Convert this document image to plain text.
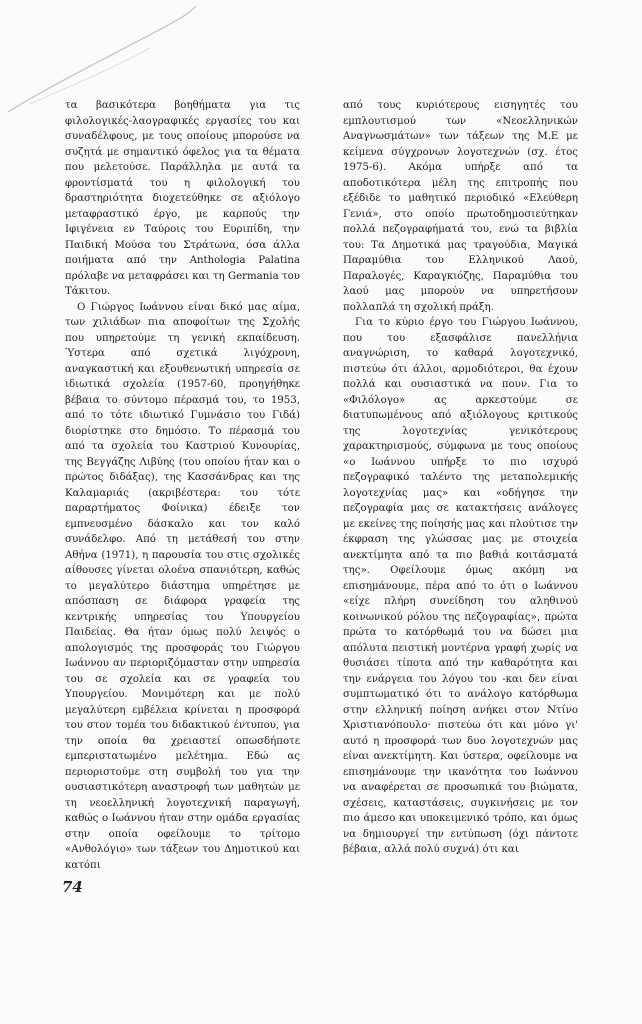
τα βασικότερα βοηθήματα για τις φιλολογικές-λαογραφικές εργασίες του και συναδέλφους, με τους οποίους μπορούσε να συζητά με σημαντικό όφελος για τα θέματα που μελετούσε. Παράλληλα με αυτά τα φροντίσματά του η φιλολογική του δραστηριότητα διοχετεύθηκε σε αξιόλογο μεταφραστικό έργο, με καρπούς την Ιφιγένεια εν Ταύροις του Ευριπίδη, την Παιδική Μούσα του Στράτωνα, όσα άλλα ποιήματα από την Anthologia Palatina πρόλαβε να μεταφράσει και τη Germania του Τάκιτου.

Ο Γιώργος Ιωάννου είναι δικό μας αίμα, των χιλιάδων πια αποφοίτων της Σχολής που υπηρετούμε τη γενική εκπαίδευση. Ύστερα από σχετικά λιγόχρονη, αναγκαστική και εξουθενωτική υπηρεσία σε ιδιωτικά σχολεία (1957-60, προηγήθηκε βέβαια το σύντομο πέρασμά του, το 1953, από το τότε ιδιωτικό Γυμνάσιο του Γιδά) διορίστηκε στο δημόσιο. Το πέρασμά του από τα σχολεία του Καστριού Κυνουρίας, της Βεγγάζης Λιβύης (του οποίου ήταν και ο πρώτος διδάξας), της Κασσάνδρας και της Καλαμαριάς (ακριβέστερα: του τότε παραρτήματος Φοίνικα) έδειξε τον εμπνευσμένο δάσκαλο και τον καλό συνάδελφο. Από τη μετάθεσή του στην Αθήνα (1971), η παρουσία του στις σχολικές αίθουσες γίνεται ολοένα σπανιότερη, καθώς το μεγαλύτερο διάστημα υπηρέτησε με απόσπαση σε διάφορα γραφεία της κεντρικής υπηρεσίας του Υπουργείου Παιδείας. Θα ήταν όμως πολύ λειψός ο απολογισμός της προσφοράς του Γιώργου Ιωάννου αν περιοριζόμασταν στην υπηρεσία του σε σχολεία και σε γραφεία του Υπουργείου. Μονιμότερη και με πολύ μεγαλύτερη εμβέλεια κρίνεται η προσφορά του στον τομέα του διδακτικού έντυπου, για την οποία θα χρειαστεί οπωσδήποτε εμπεριστατωμένο μελέτημα. Εδώ ας περιοριστούμε στη συμβολή του για την ουσιαστικότερη αναστροφή των μαθητών με τη νεοελληνική λογοτεχνική παραγωγή, καθώς ο Ιωάννου ήταν στην ομάδα εργασίας στην οποία οφείλουμε το τρίτομο «Ανθολόγιο» των τάξεων του Δημοτικού και κατόπι

από τους κυριότερους εισηγητές του εμπλουτισμού των «Νεοελληνικών Αναγνωσμάτων» των τάξεων της Μ.Ε με κείμενα σύγχρονων λογοτεχνών (σχ. έτος 1975-6). Ακόμα υπήρξε από τα αποδοτικότερα μέλη της επιτροπής που εξέδιδε το μαθητικό περιοδικό «Ελεύθερη Γενιά», στο οποίο πρωτοδημοσιεύτηκαν πολλά πεζογραφήματά του, ενώ τα βιβλία του: Τα Δημοτικά μας τραγούδια, Μαγικά Παραμύθια του Ελληνικού Λαού, Παραλογές, Καραγκιόζης, Παραμύθια του λαού μας μπορούν να υπηρετήσουν πολλαπλά τη σχολική πράξη.

Για το κύριο έργο του Γιώργου Ιωάννου, που του εξασφάλισε πανελλήνια αναγνώριση, το καθαρά λογοτεχνικό, πιστεύω ότι άλλοι, αρμοδιότεροι, θα έχουν πολλά και ουσιαστικά να πουν. Για το «Φιλόλογο» ας αρκεστούμε σε διατυπωμένους από αξιόλογους κριτικούς της λογοτεχνίας γενικότερους χαρακτηρισμούς, σύμφωνα με τους οποίους «ο Ιωάννου υπήρξε το πιο ισχυρό πεζογραφικό ταλέντο της μεταπολεμικής λογοτεχνίας μας» και «οδήγησε την πεζογραφία μας σε κατακτήσεις ανάλογες με εκείνες της ποίησής μας και πλούτισε την έκφραση της γλώσσας μας με στοιχεία ανεκτίμητα από τα πιο βαθιά κοιτάσματά της». Οφείλουμε όμως ακόμη να επισημάνουμε, πέρα από το ότι ο Ιωάννου «είχε πλήρη συνείδηση του αληθινού κοινωνικού ρόλου της πεζογραφίας», πρώτα πρώτα το κατόρθωμά του να δώσει μια απόλυτα πειστική μοντέρνα γραφή χωρίς να θυσιάσει τίποτα από την καθαρότητα και την ενάργεια του λόγου του -και δεν είναι συμπτωματικό ότι το ανάλογο κατόρθωμα στην ελληνική ποίηση ανήκει στον Ντίνο Χριστιανόπουλο· πιστεύω ότι και μόνο γι' αυτό η προσφορά των δυο λογοτεχνών μας είναι ανεκτίμητη. Και ύστερα, οφείλουμε να επισημάνουμε την ικανότητα του Ιωάννου να αναφέρεται σε προσωπικά του βιώματα, σχέσεις, καταστάσεις, συγκινήσεις με τον πιο άμεσο και υποκειμενικό τρόπο, και όμως να δημιουργεί την εντύπωση (όχι πάντοτε βέβαια, αλλά πολύ συχνά) ότι και

74
